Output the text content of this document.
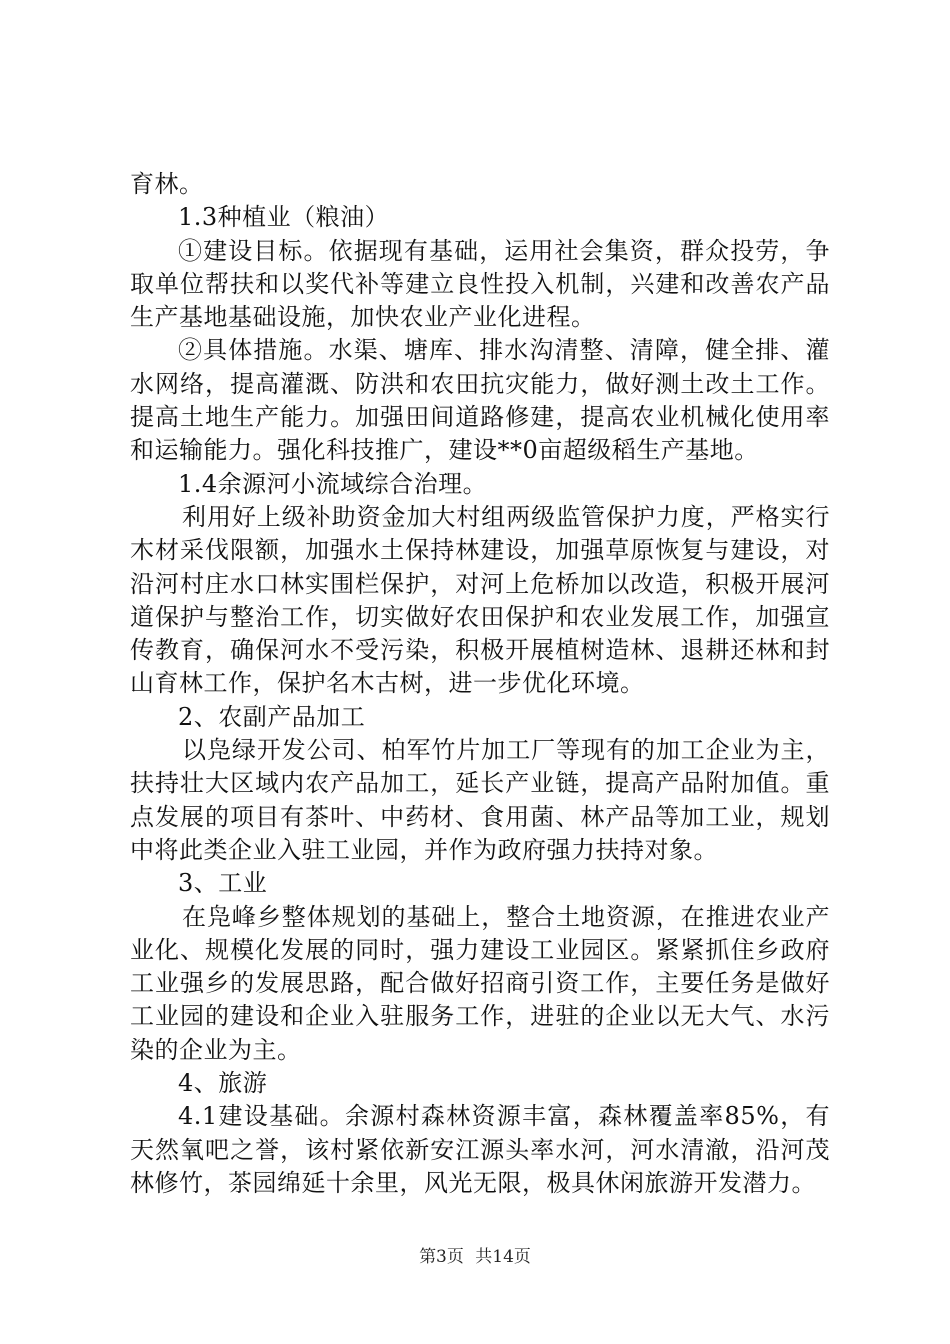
育林。

1.3种植业（粮油）

①建设目标。依据现有基础，运用社会集资，群众投劳，争取单位帮扶和以奖代补等建立良性投入机制，兴建和改善农产品生产基地基础设施，加快农业产业化进程。

②具体措施。水渠、塘库、排水沟清整、清障，健全排、灌水网络，提高灌溉、防洪和农田抗灾能力，做好测土改土工作。提高土地生产能力。加强田间道路修建，提高农业机械化使用率和运输能力。强化科技推广，建设**0亩超级稻生产基地。

1.4余源河小流域综合治理。

利用好上级补助资金加大村组两级监管保护力度，严格实行木材采伐限额，加强水土保持林建设，加强草原恢复与建设，对沿河村庄水口林实围栏保护，对河上危桥加以改造，积极开展河道保护与整治工作，切实做好农田保护和农业发展工作，加强宣传教育，确保河水不受污染，积极开展植树造林、退耕还林和封山育林工作，保护名木古树，进一步优化环境。

2、农副产品加工

以凫绿开发公司、柏军竹片加工厂等现有的加工企业为主，扶持壮大区域内农产品加工，延长产业链，提高产品附加值。重点发展的项目有茶叶、中药材、食用菌、林产品等加工业，规划中将此类企业入驻工业园，并作为政府强力扶持对象。

3、工业

在凫峰乡整体规划的基础上，整合土地资源，在推进农业产业化、规模化发展的同时，强力建设工业园区。紧紧抓住乡政府工业强乡的发展思路，配合做好招商引资工作，主要任务是做好工业园的建设和企业入驻服务工作，进驻的企业以无大气、水污染的企业为主。

4、旅游

4.1建设基础。余源村森林资源丰富，森林覆盖率85%，有天然氧吧之誉，该村紧依新安江源头率水河，河水清澈，沿河茂林修竹，茶园绵延十余里，风光无限，极具休闲旅游开发潜力。

第3页 共14页
